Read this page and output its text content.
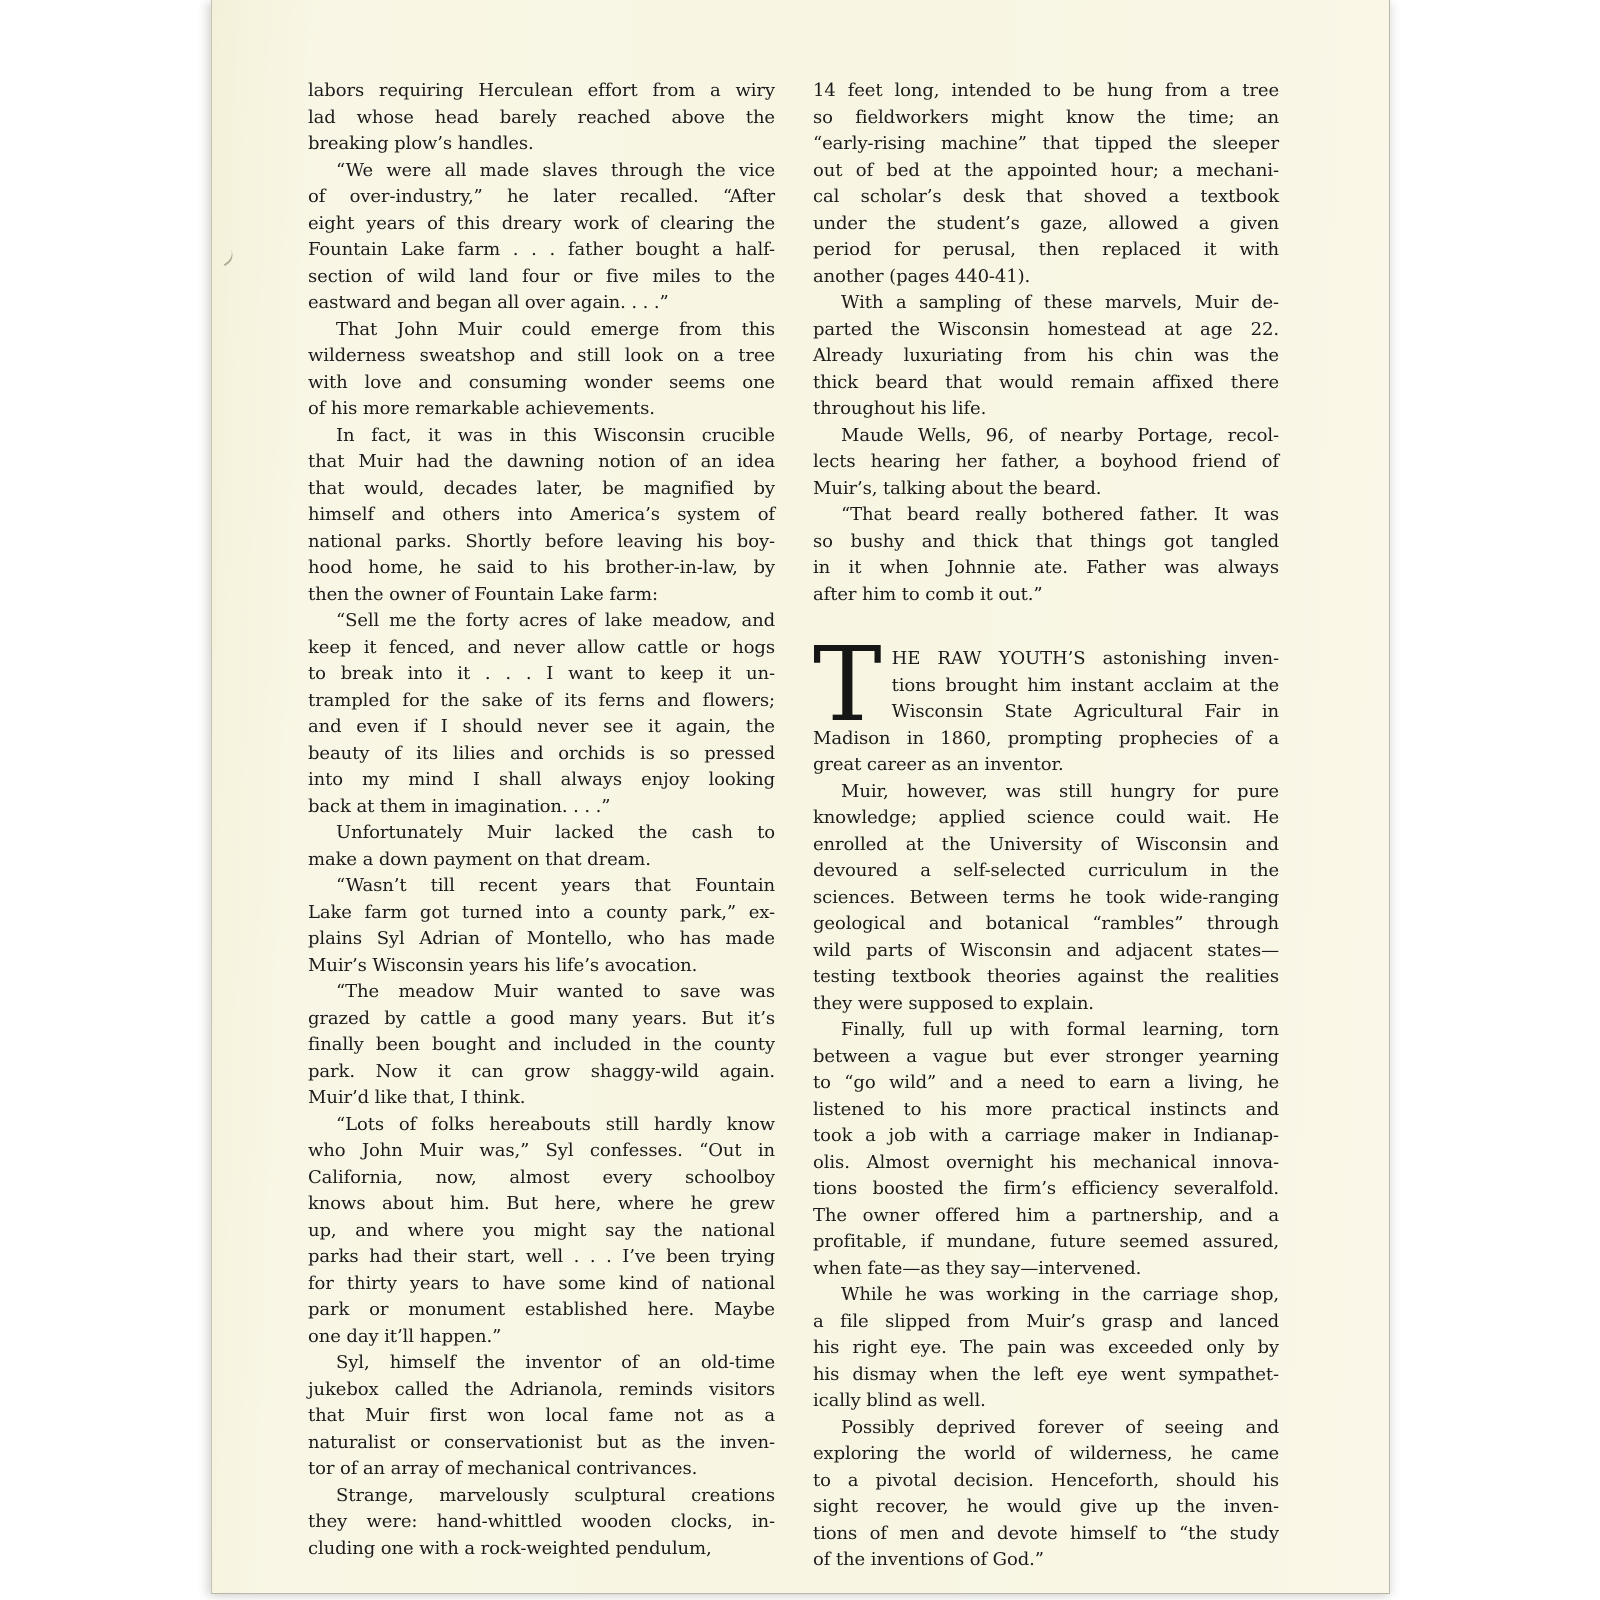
labors requiring Herculean effort from a wiry
lad whose head barely reached above the
breaking plow’s handles.
“We were all made slaves through the vice
of over-industry,” he later recalled. “After
eight years of this dreary work of clearing the
Fountain Lake farm . . . father bought a half-
section of wild land four or five miles to the
eastward and began all over again. . . .”
That John Muir could emerge from this
wilderness sweatshop and still look on a tree
with love and consuming wonder seems one
of his more remarkable achievements.
In fact, it was in this Wisconsin crucible
that Muir had the dawning notion of an idea
that would, decades later, be magnified by
himself and others into America’s system of
national parks. Shortly before leaving his boy-
hood home, he said to his brother-in-law, by
then the owner of Fountain Lake farm:
“Sell me the forty acres of lake meadow, and
keep it fenced, and never allow cattle or hogs
to break into it . . . I want to keep it un-
trampled for the sake of its ferns and flowers;
and even if I should never see it again, the
beauty of its lilies and orchids is so pressed
into my mind I shall always enjoy looking
back at them in imagination. . . .”
Unfortunately Muir lacked the cash to
make a down payment on that dream.
“Wasn’t till recent years that Fountain
Lake farm got turned into a county park,” ex-
plains Syl Adrian of Montello, who has made
Muir’s Wisconsin years his life’s avocation.
“The meadow Muir wanted to save was
grazed by cattle a good many years. But it’s
finally been bought and included in the county
park. Now it can grow shaggy-wild again.
Muir’d like that, I think.
“Lots of folks hereabouts still hardly know
who John Muir was,” Syl confesses. “Out in
California, now, almost every schoolboy
knows about him. But here, where he grew
up, and where you might say the national
parks had their start, well . . . I’ve been trying
for thirty years to have some kind of national
park or monument established here. Maybe
one day it’ll happen.”
Syl, himself the inventor of an old-time
jukebox called the Adrianola, reminds visitors
that Muir first won local fame not as a
naturalist or conservationist but as the inven-
tor of an array of mechanical contrivances.
Strange, marvelously sculptural creations
they were: hand-whittled wooden clocks, in-
cluding one with a rock-weighted pendulum,
14 feet long, intended to be hung from a tree
so fieldworkers might know the time; an
“early-rising machine” that tipped the sleeper
out of bed at the appointed hour; a mechani-
cal scholar’s desk that shoved a textbook
under the student’s gaze, allowed a given
period for perusal, then replaced it with
another (pages 440-41).
With a sampling of these marvels, Muir de-
parted the Wisconsin homestead at age 22.
Already luxuriating from his chin was the
thick beard that would remain affixed there
throughout his life.
Maude Wells, 96, of nearby Portage, recol-
lects hearing her father, a boyhood friend of
Muir’s, talking about the beard.
“That beard really bothered father. It was
so bushy and thick that things got tangled
in it when Johnnie ate. Father was always
after him to comb it out.”
THE RAW YOUTH’S astonishing inven-
tions brought him instant acclaim at the
Wisconsin State Agricultural Fair in
Madison in 1860, prompting prophecies of a
great career as an inventor.
Muir, however, was still hungry for pure
knowledge; applied science could wait. He
enrolled at the University of Wisconsin and
devoured a self-selected curriculum in the
sciences. Between terms he took wide-ranging
geological and botanical “rambles” through
wild parts of Wisconsin and adjacent states—
testing textbook theories against the realities
they were supposed to explain.
Finally, full up with formal learning, torn
between a vague but ever stronger yearning
to “go wild” and a need to earn a living, he
listened to his more practical instincts and
took a job with a carriage maker in Indianap-
olis. Almost overnight his mechanical innova-
tions boosted the firm’s efficiency severalfold.
The owner offered him a partnership, and a
profitable, if mundane, future seemed assured,
when fate—as they say—intervened.
While he was working in the carriage shop,
a file slipped from Muir’s grasp and lanced
his right eye. The pain was exceeded only by
his dismay when the left eye went sympathet-
ically blind as well.
Possibly deprived forever of seeing and
exploring the world of wilderness, he came
to a pivotal decision. Henceforth, should his
sight recover, he would give up the inven-
tions of men and devote himself to “the study
of the inventions of God.”
